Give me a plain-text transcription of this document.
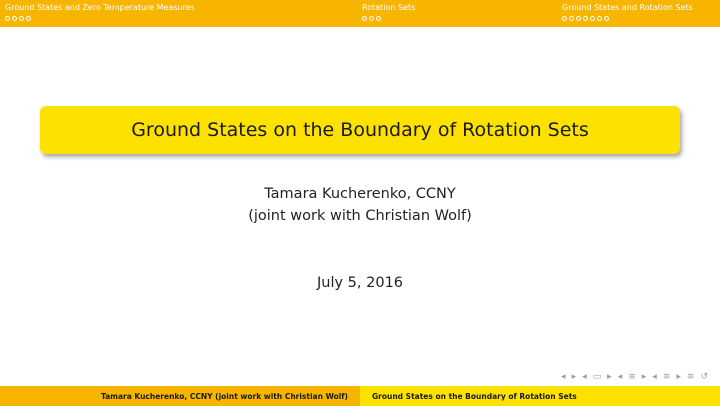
Ground States and Zero Temperature Measures	Rotation Sets	Ground States and Rotation Sets
Ground States on the Boundary of Rotation Sets
Tamara Kucherenko, CCNY
(joint work with Christian Wolf)
July 5, 2016
◂ ▸ ◂ ▭ ▸ ◂ ≡ ▸ ◂ ≡ ▸ ≡ ↺
Tamara Kucherenko, CCNY (joint work with Christian Wolf)	Ground States on the Boundary of Rotation Sets
